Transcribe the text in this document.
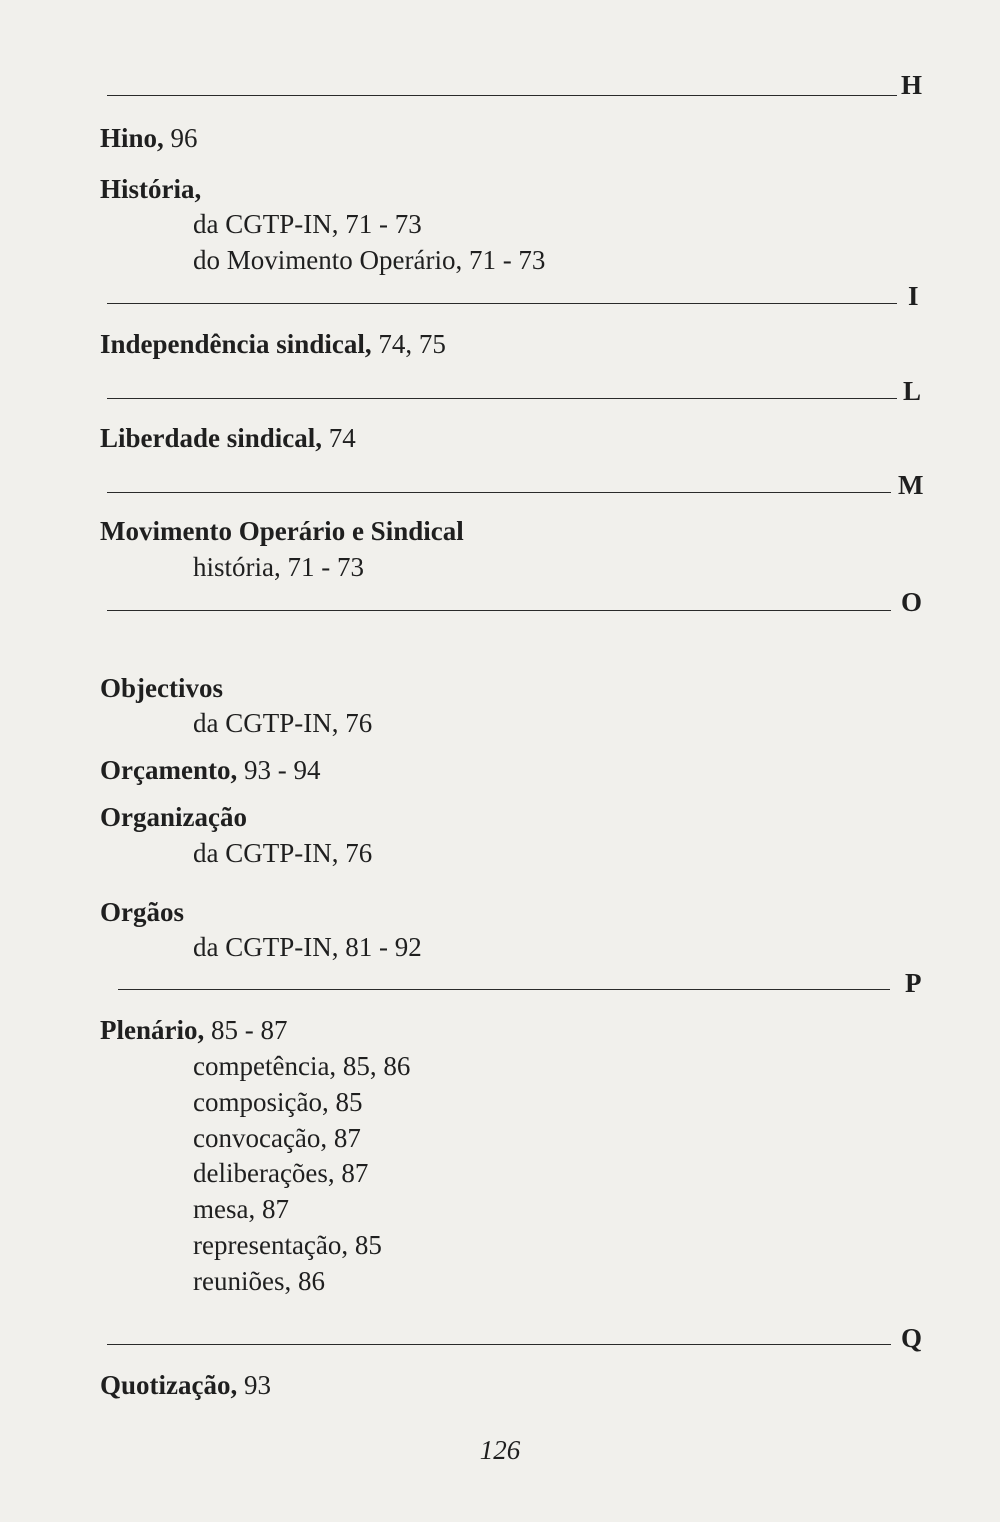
H
Hino, 96
História,
da CGTP-IN, 71 - 73
do Movimento Operário, 71 - 73
I
Independência sindical, 74, 75
L
Liberdade sindical, 74
M
Movimento Operário e Sindical
história, 71 - 73
O
Objectivos
da CGTP-IN, 76
Orçamento, 93 - 94
Organização
da CGTP-IN, 76
Orgãos
da CGTP-IN, 81 - 92
P
Plenário, 85 - 87
competência, 85, 86
composição, 85
convocação, 87
deliberações, 87
mesa, 87
representação, 85
reuniões, 86
Q
Quotização, 93
126
